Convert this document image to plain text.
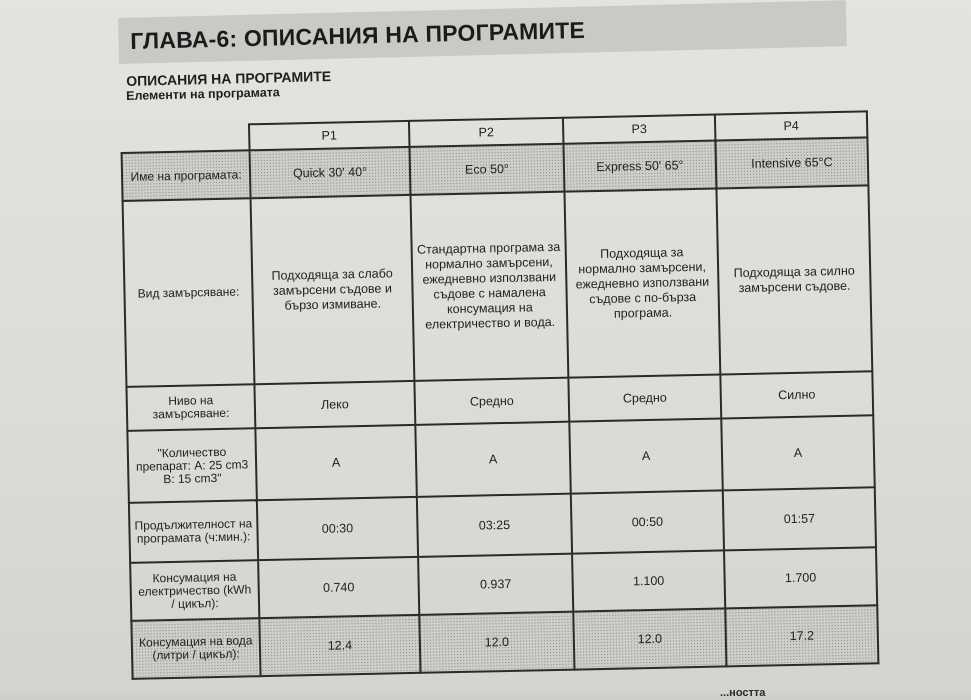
ГЛАВА-6: ОПИСАНИЯ НА ПРОГРАМИТЕ
ОПИСАНИЯ НА ПРОГРАМИТЕ
Елементи на програмата
	P1	P2	P3	P4
Име на програмата:	Quick 30' 40°	Eco 50°	Express 50' 65°	Intensive 65°C
Вид замърсяване:	Подходяща за слабо замърсени съдове и бързо измиване.	Стандартна програма за нормално замърсени, ежедневно използвани съдове с намалена консумация на електричество и вода.	Подходяща за нормално замърсени, ежедневно използвани съдове с по-бърза програма.	Подходяща за силно замърсени съдове.
Ниво на замърсяване:	Леко	Средно	Средно	Силно
"Количество препарат: A: 25 cm3 B: 15 cm3"	A	A	A	A
Продължителност на програмата (ч:мин.):	00:30	03:25	00:50	01:57
Консумация на електричество (kWh / цикъл):	0.740	0.937	1.100	1.700
Консумация на вода (литри / цикъл):	12.4	12.0	12.0	17.2
...ността
